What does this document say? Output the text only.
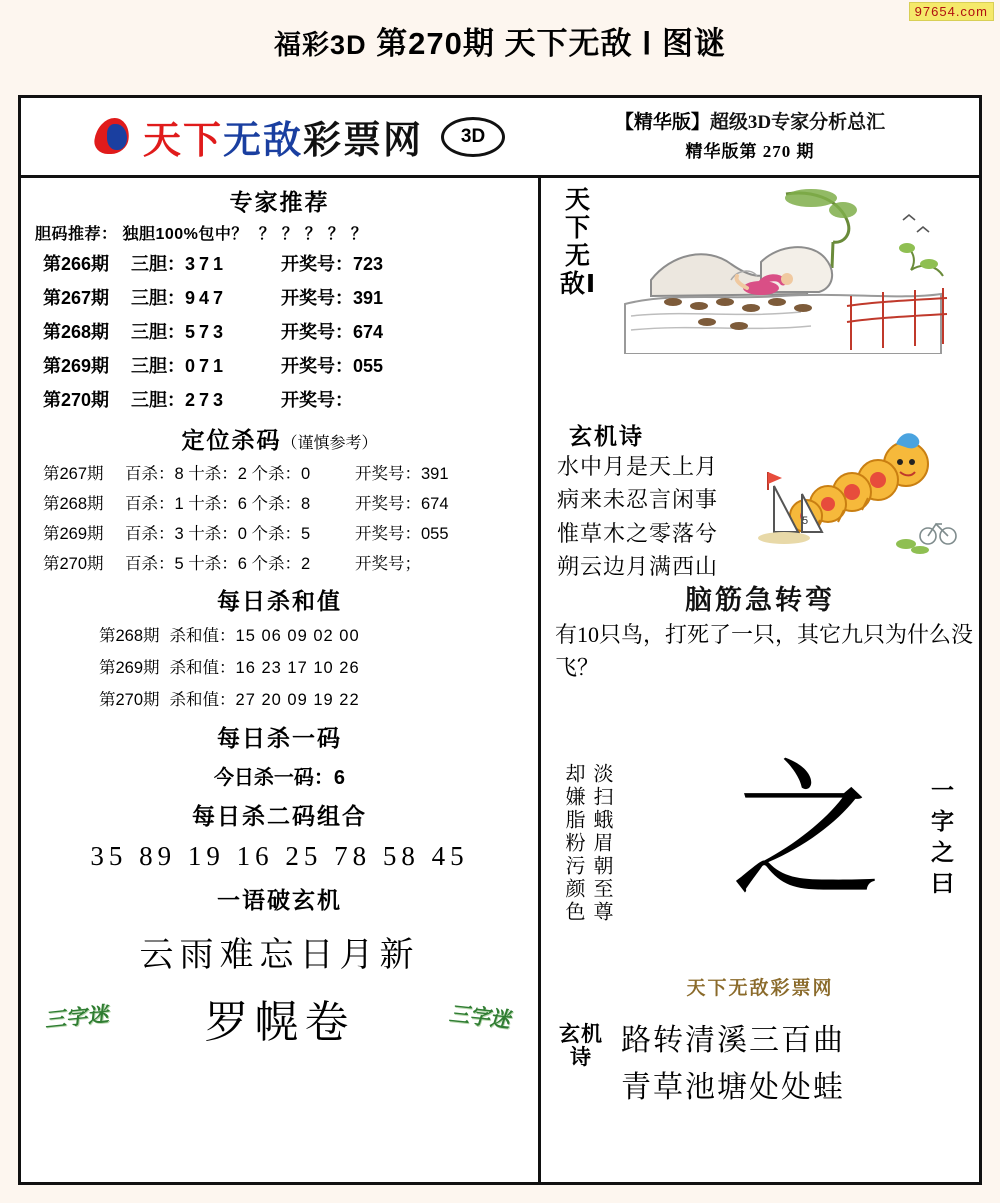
97654.com
福彩3D 第270期 天下无敌 Ⅰ 图谜
天下无敌彩票网	3D
【精华版】超级3D专家分析总汇
精华版第 270 期
专家推荐
胆码推荐： 独胆100%包中？ ？？？？？
第266期	三胆：371	开奖号：723
第267期	三胆：947	开奖号：391
第268期	三胆：573	开奖号：674
第269期	三胆：071	开奖号：055
第270期	三胆：273	开奖号：
定位杀码（谨慎参考）
第267期	百杀：8 十杀：2 个杀：0	开奖号：391
第268期	百杀：1 十杀：6 个杀：8	开奖号：674
第269期	百杀：3 十杀：0 个杀：5	开奖号：055
第270期	百杀：5 十杀：6 个杀：2	开奖号；
每日杀和值
第268期 杀和值：15 06 09 02 00
第269期 杀和值：16 23 17 10 26
第270期 杀和值：27 20 09 19 22
每日杀一码
今日杀一码：6
每日杀二码组合
35 89 19 16 25 78 58 45
一语破玄机
云雨难忘日月新
三字迷 罗幌卷	三字迷
天下无敌Ⅰ
玄机诗
水中月是天上月
病来未忍言闲事
惟草木之零落兮
朔云边月满西山
5
脑筋急转弯
有10只鸟，打死了一只，其它九只为什么没飞？
淡扫蛾眉朝至尊
却嫌脂粉污颜色 之 一字之曰
天下无敌彩票网
玄机诗
路转清溪三百曲
青草池塘处处蛙
